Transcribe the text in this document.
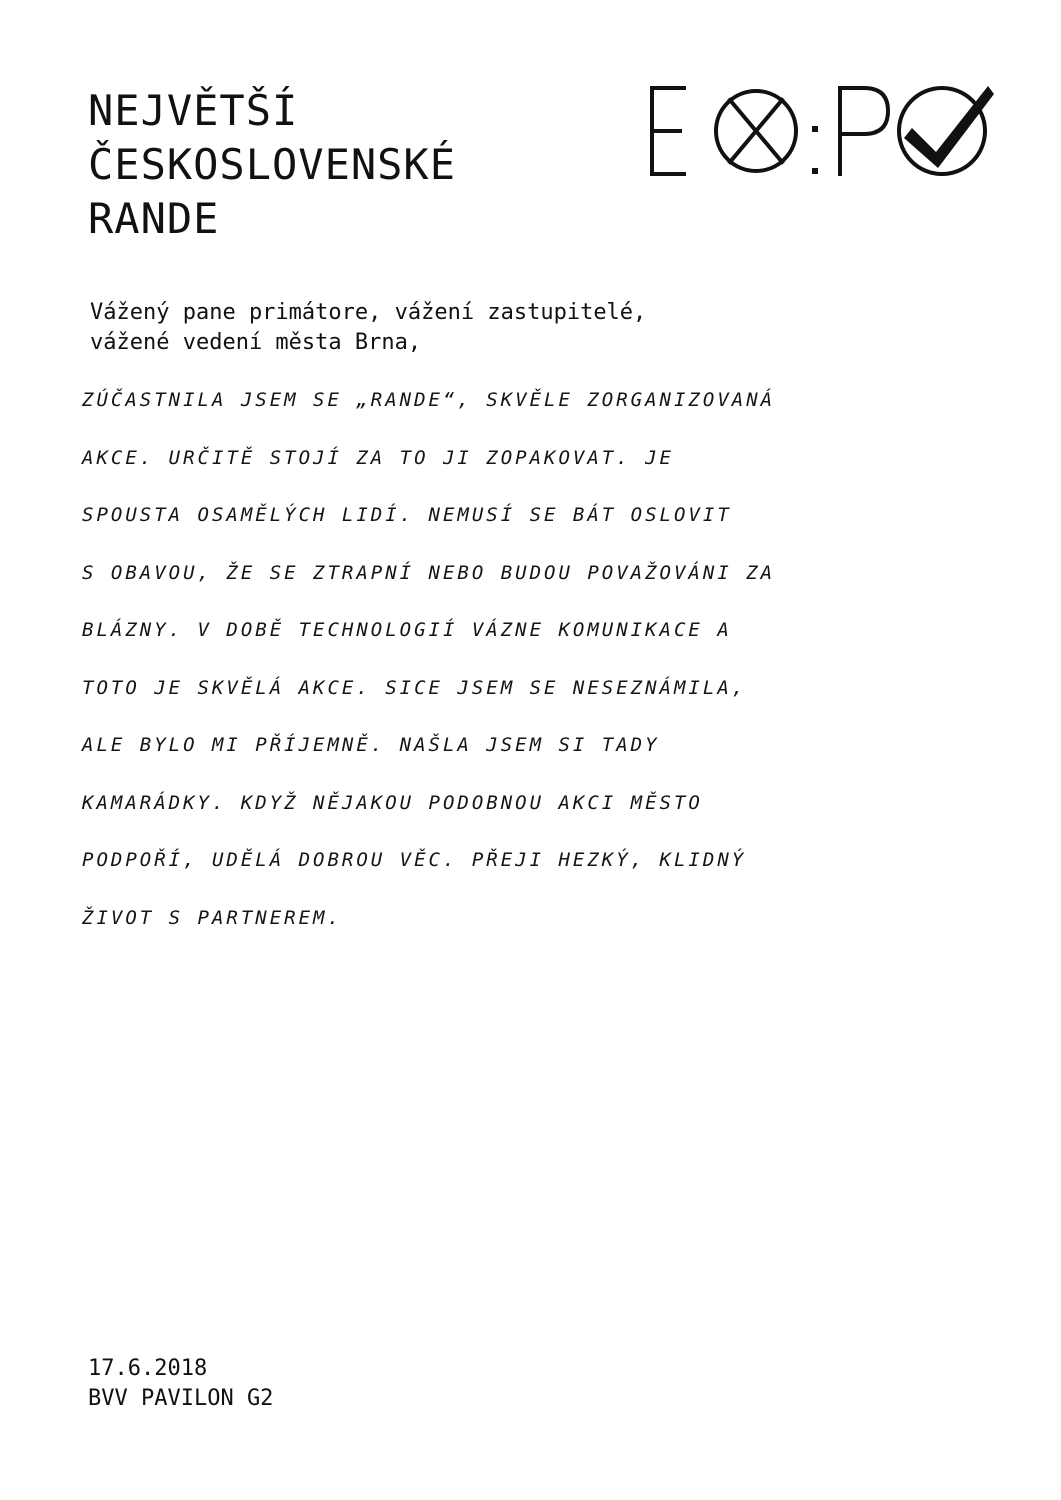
NEJVĚTŠÍ
ČESKOSLOVENSKÉ
RANDE
Vážený pane primátore, vážení zastupitelé,
vážené vedení města Brna,
ZÚČASTNILA JSEM SE „RANDE“, SKVĚLE ZORGANIZOVANÁ
AKCE. URČITĚ STOJÍ ZA TO JI ZOPAKOVAT. JE
SPOUSTA OSAMĚLÝCH LIDÍ. NEMUSÍ SE BÁT OSLOVIT
S OBAVOU, ŽE SE ZTRAPNÍ NEBO BUDOU POVAŽOVÁNI ZA
BLÁZNY. V DOBĚ TECHNOLOGIÍ VÁZNE KOMUNIKACE A
TOTO JE SKVĚLÁ AKCE. SICE JSEM SE NESEZNÁMILA,
ALE BYLO MI PŘÍJEMNĚ. NAŠLA JSEM SI TADY
KAMARÁDKY. KDYŽ NĚJAKOU PODOBNOU AKCI MĚSTO
PODPOŘÍ, UDĚLÁ DOBROU VĚC. PŘEJI HEZKÝ, KLIDNÝ
ŽIVOT S PARTNEREM.
17.6.2018
BVV PAVILON G2
